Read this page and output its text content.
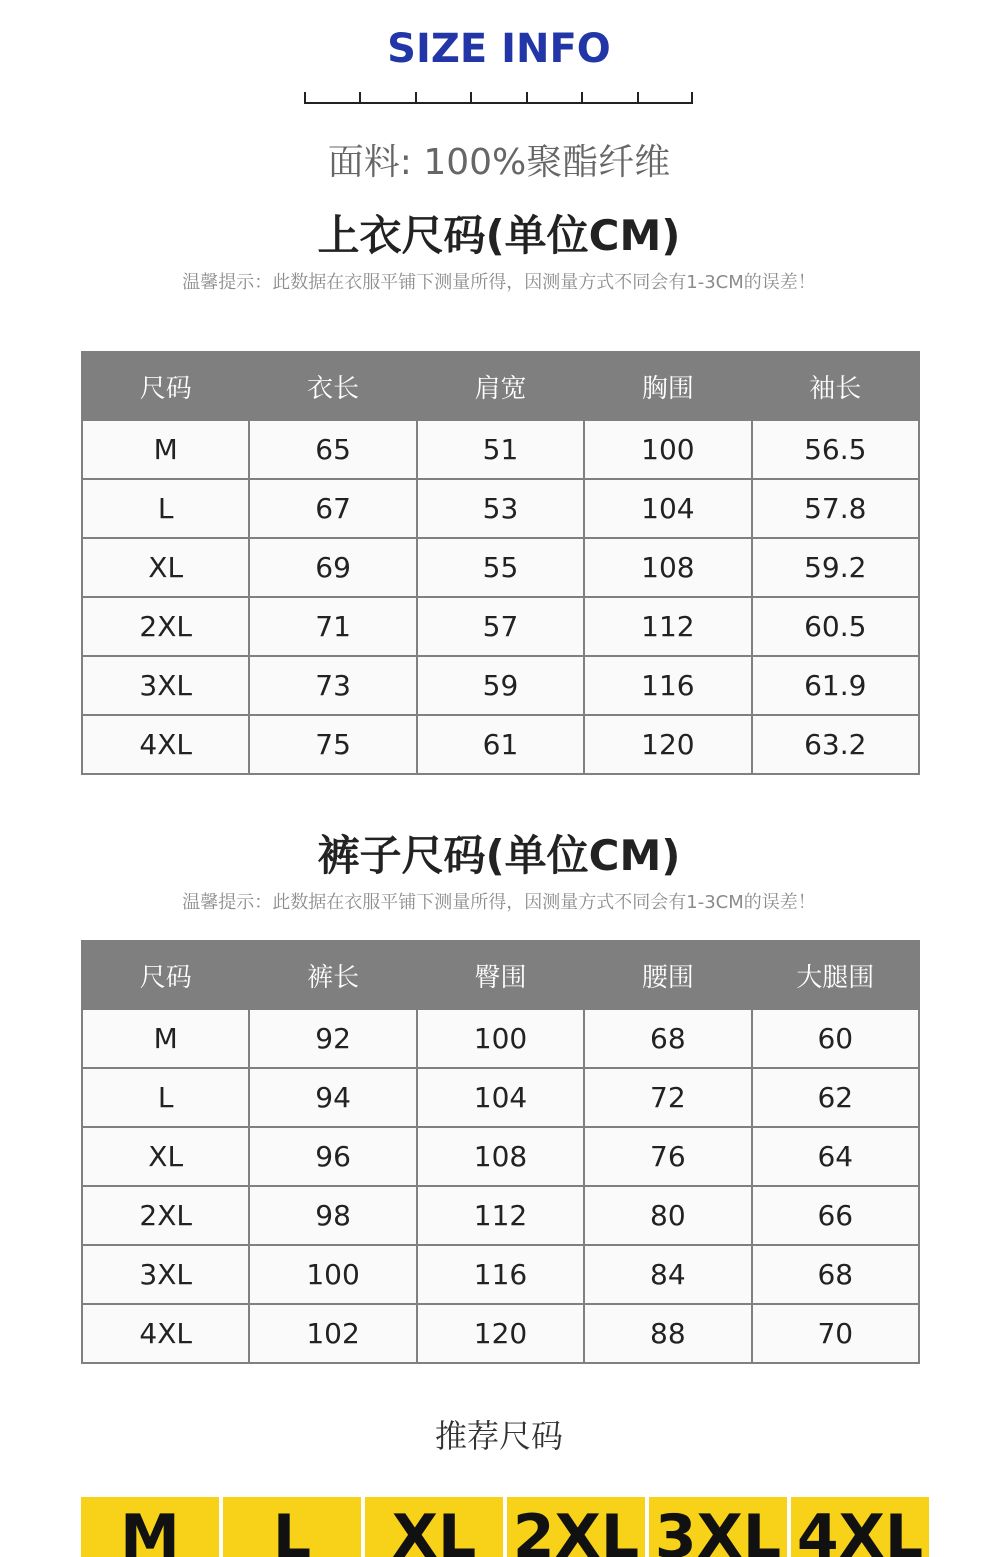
SIZE INFO
面料: 100%聚酯纤维
上衣尺码(单位CM)
温馨提示：此数据在衣服平铺下测量所得，因测量方式不同会有1-3CM的误差！
尺码	衣长	肩宽	胸围	袖长
M	65	51	100	56.5
L	67	53	104	57.8
XL	69	55	108	59.2
2XL	71	57	112	60.5
3XL	73	59	116	61.9
4XL	75	61	120	63.2
裤子尺码(单位CM)
温馨提示：此数据在衣服平铺下测量所得，因测量方式不同会有1-3CM的误差！
尺码	裤长	臀围	腰围	大腿围
M	92	100	68	60
L	94	104	72	62
XL	96	108	76	64
2XL	98	112	80	66
3XL	100	116	84	68
4XL	102	120	88	70
推荐尺码
M	L	XL 2XL 3XL 4XL
